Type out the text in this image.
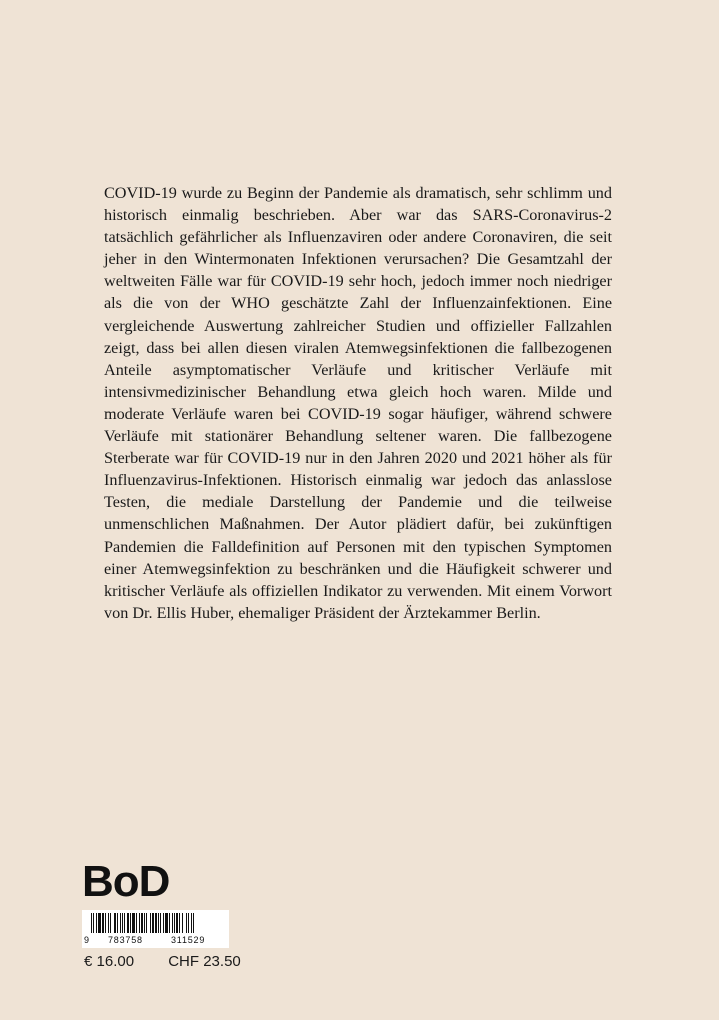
COVID-19 wurde zu Beginn der Pandemie als dramatisch, sehr schlimm und historisch einmalig beschrieben. Aber war das SARS-Coronavirus-2 tatsächlich gefährlicher als Influenzaviren oder andere Coronaviren, die seit jeher in den Wintermonaten Infektionen verursachen? Die Gesamtzahl der weltweiten Fälle war für COVID-19 sehr hoch, jedoch immer noch niedriger als die von der WHO geschätzte Zahl der Influenzainfektionen. Eine vergleichende Auswertung zahlreicher Studien und offizieller Fallzahlen zeigt, dass bei allen diesen viralen Atemwegsinfektionen die fallbezogenen Anteile asymptomatischer Verläufe und kritischer Verläufe mit intensivmedizinischer Behandlung etwa gleich hoch waren. Milde und moderate Verläufe waren bei COVID-19 sogar häufiger, während schwere Verläufe mit stationärer Behandlung seltener waren. Die fallbezogene Sterberate war für COVID-19 nur in den Jahren 2020 und 2021 höher als für Influenzavirus-Infektionen. Historisch einmalig war jedoch das anlasslose Testen, die mediale Darstellung der Pandemie und die teilweise unmenschlichen Maßnahmen. Der Autor plädiert dafür, bei zukünftigen Pandemien die Falldefinition auf Personen mit den typischen Symptomen einer Atemwegsinfektion zu beschränken und die Häufigkeit schwerer und kritischer Verläufe als offiziellen Indikator zu verwenden. Mit einem Vorwort von Dr. Ellis Huber, ehemaliger Präsident der Ärztekammer Berlin.

BoD
9 783758	311529
€ 16.00 CHF 23.50
